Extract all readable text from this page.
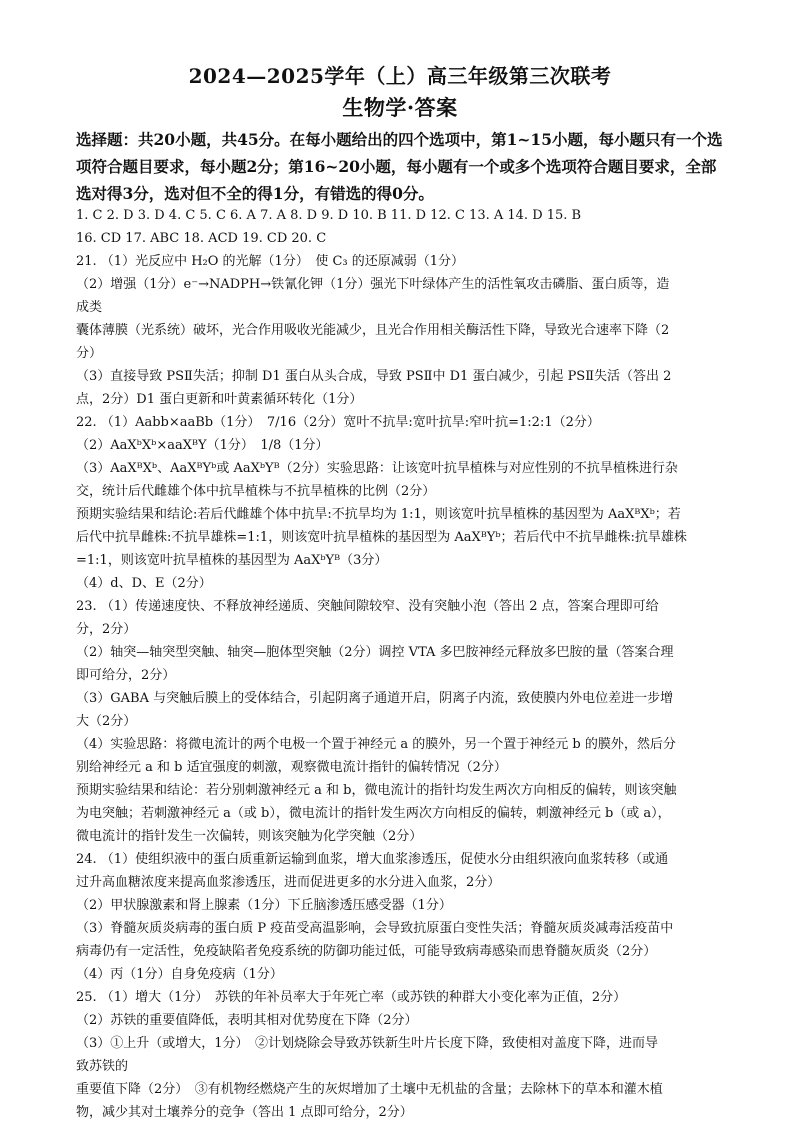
2024—2025学年（上）高三年级第三次联考
生物学·答案

选择题：共20小题，共45分。在每小题给出的四个选项中，第1~15小题，每小题只有一个选项符合题目要求，每小题2分；第16~20小题，每小题有一个或多个选项符合题目要求，全部选对得3分，选对但不全的得1分，有错选的得0分。

1. C 2. D 3. D 4. C 5. C 6. A 7. A 8. D 9. D 10. B 11. D 12. C 13. A 14. D 15. B
16. CD 17. ABC 18. ACD 19. CD 20. C
21. （1）光反应中 H₂O 的光解（1分）　使 C₃ 的还原减弱（1分）
（2）增强（1分）e⁻→NADPH→铁氰化钾（1分）强光下叶绿体产生的活性氧攻击磷脂、蛋白质等，造
成类
囊体薄膜（光系统）破坏，光合作用吸收光能减少，且光合作用相关酶活性下降，导致光合速率下降（2
分）
（3）直接导致 PSⅡ失活；抑制 D1 蛋白从头合成，导致 PSⅡ中 D1 蛋白减少，引起 PSⅡ失活（答出 2
点，2分）D1 蛋白更新和叶黄素循环转化（1分）
22. （1）Aabb×aaBb（1分）　7/16（2分）宽叶不抗旱:宽叶抗旱:窄叶抗=1:2:1（2分）
（2）AaXᵇXᵇ×aaXᴮY（1分）　1/8（1分）
（3）AaXᴮXᵇ、AaXᴮYᵇ或 AaXᵇYᴮ（2分）实验思路：让该宽叶抗旱植株与对应性别的不抗旱植株进行杂
交，统计后代雌雄个体中抗旱植株与不抗旱植株的比例（2分）
预期实验结果和结论:若后代雌雄个体中抗旱:不抗旱均为 1:1，则该宽叶抗旱植株的基因型为 AaXᴮXᵇ；若
后代中抗旱雌株:不抗旱雄株=1:1，则该宽叶抗旱植株的基因型为 AaXᴮYᵇ；若后代中不抗旱雌株:抗旱雄株
=1:1，则该宽叶抗旱植株的基因型为 AaXᵇYᴮ（3分）
（4）d、D、E（2分）
23. （1）传递速度快、不释放神经递质、突触间隙较窄、没有突触小泡（答出 2 点，答案合理即可给
分，2分）
（2）轴突—轴突型突触、轴突—胞体型突触（2分）调控 VTA 多巴胺神经元释放多巴胺的量（答案合理
即可给分，2分）
（3）GABA 与突触后膜上的受体结合，引起阴离子通道开启，阴离子内流，致使膜内外电位差进一步增
大（2分）
（4）实验思路：将微电流计的两个电极一个置于神经元 a 的膜外，另一个置于神经元 b 的膜外，然后分
别给神经元 a 和 b 适宜强度的刺激，观察微电流计指针的偏转情况（2分）
预期实验结果和结论：若分别刺激神经元 a 和 b，微电流计的指针均发生两次方向相反的偏转，则该突触
为电突触；若刺激神经元 a（或 b），微电流计的指针发生两次方向相反的偏转，刺激神经元 b（或 a），
微电流计的指针发生一次偏转，则该突触为化学突触（2分）
24. （1）使组织液中的蛋白质重新运输到血浆，增大血浆渗透压，促使水分由组织液向血浆转移（或通
过升高血糖浓度来提高血浆渗透压，进而促进更多的水分进入血浆，2分）
（2）甲状腺激素和肾上腺素（1分）下丘脑渗透压感受器（1分）
（3）脊髓灰质炎病毒的蛋白质 P 疫苗受高温影响，会导致抗原蛋白变性失活；脊髓灰质炎减毒活疫苗中
病毒仍有一定活性，免疫缺陷者免疫系统的防御功能过低，可能导致病毒感染而患脊髓灰质炎（2分）
（4）丙（1分）自身免疫病（1分）
25. （1）增大（1分）　苏铁的年补员率大于年死亡率（或苏铁的种群大小变化率为正值，2分）
（2）苏铁的重要值降低，表明其相对优势度在下降（2分）
（3）①上升（或增大，1分）　②计划烧除会导致苏铁新生叶片长度下降，致使相对盖度下降，进而导
致苏铁的
重要值下降（2分）　③有机物经燃烧产生的灰烬增加了土壤中无机盐的含量；去除林下的草本和灌木植
物，减少其对土壤养分的竞争（答出 1 点即可给分，2分）
